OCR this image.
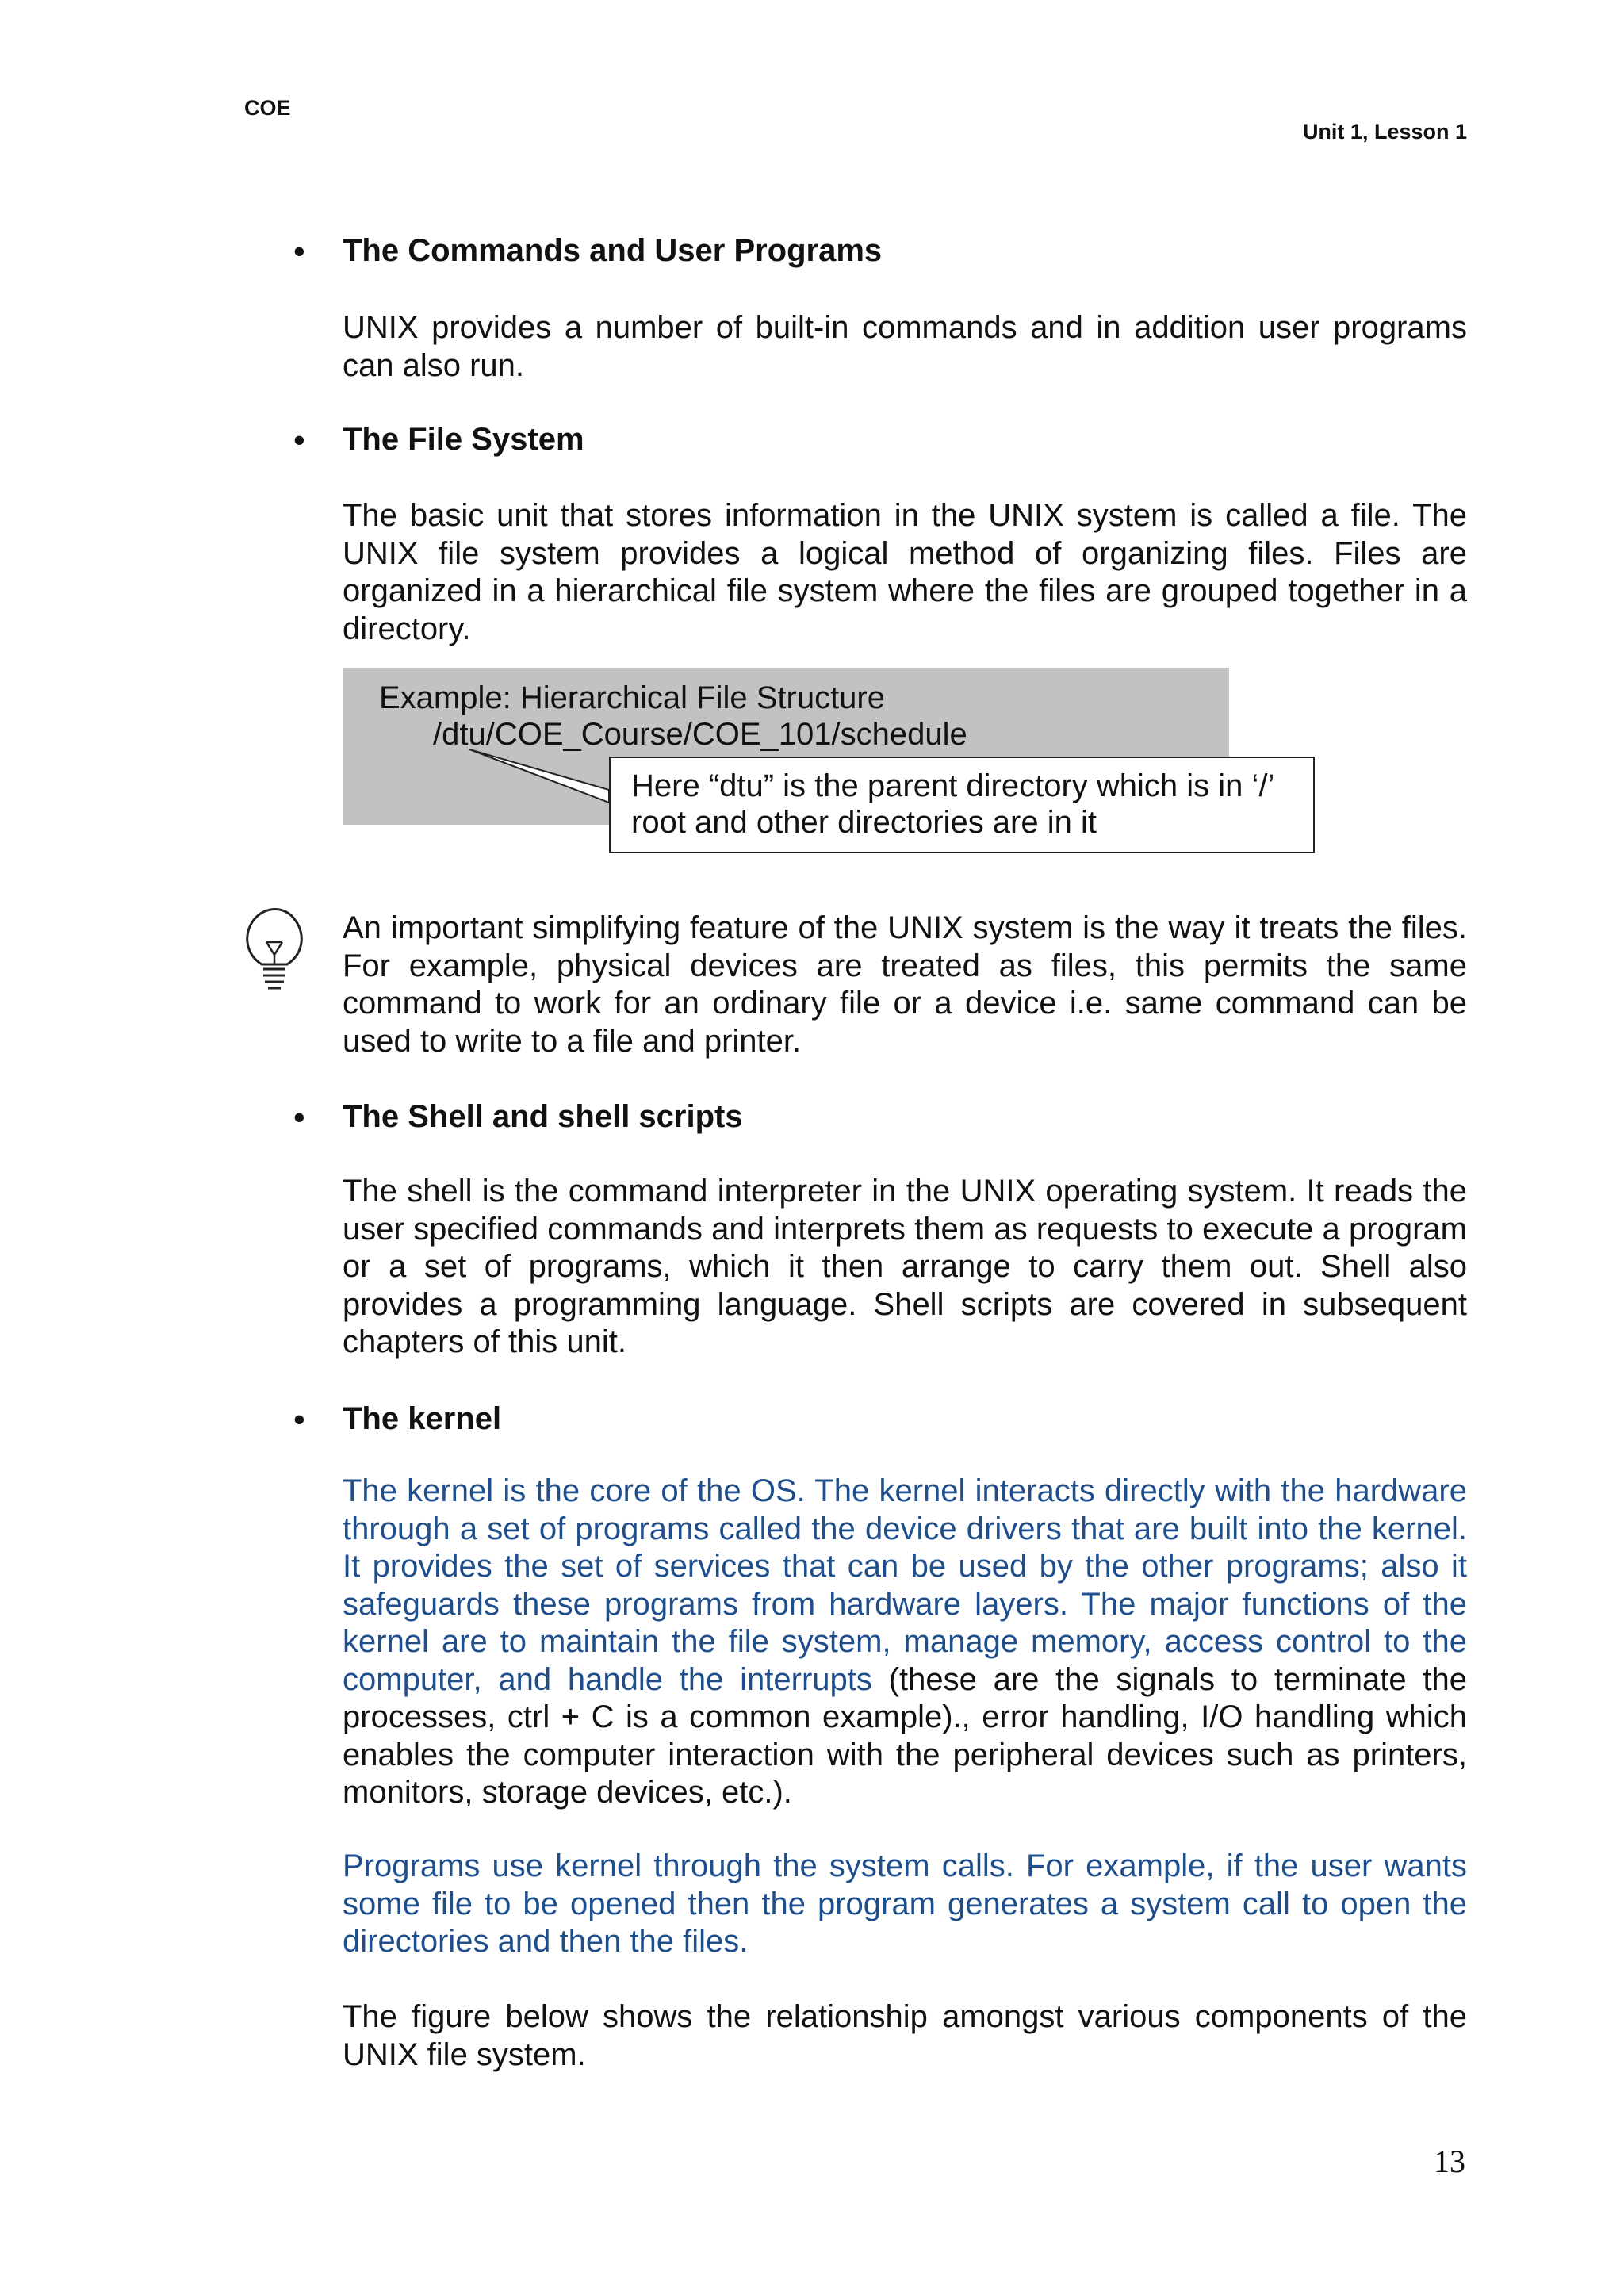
COE
Unit 1, Lesson 1
• The Commands and User Programs

UNIX provides a number of built-in commands and in addition user programs can also run.

• The File System

The basic unit that stores information in the UNIX system is called a file. The UNIX file system provides a logical method of organizing files. Files are organized in a hierarchical file system where the files are grouped together in a directory.

Example: Hierarchical File Structure
/dtu/COE_Course/COE_101/schedule
Here “dtu” is the parent directory which is in ‘/’ root and other directories are in it

An important simplifying feature of the UNIX system is the way it treats the files. For example, physical devices are treated as files, this permits the same command to work for an ordinary file or a device i.e. same command can be used to write to a file and printer.

• The Shell and shell scripts

The shell is the command interpreter in the UNIX operating system. It reads the user specified commands and interprets them as requests to execute a program or a set of programs, which it then arrange to carry them out. Shell also provides a programming language. Shell scripts are covered in subsequent chapters of this unit.

• The kernel

The kernel is the core of the OS. The kernel interacts directly with the hardware through a set of programs called the device drivers that are built into the kernel. It provides the set of services that can be used by the other programs; also it safeguards these programs from hardware layers. The major functions of the kernel are to maintain the file system, manage memory, access control to the computer, and handle the interrupts (these are the signals to terminate the processes, ctrl + C is a common example)., error handling, I/O handling which enables the computer interaction with the peripheral devices such as printers, monitors, storage devices, etc.).

Programs use kernel through the system calls. For example, if the user wants some file to be opened then the program generates a system call to open the directories and then the files.

The figure below shows the relationship amongst various components of the UNIX file system.

13
